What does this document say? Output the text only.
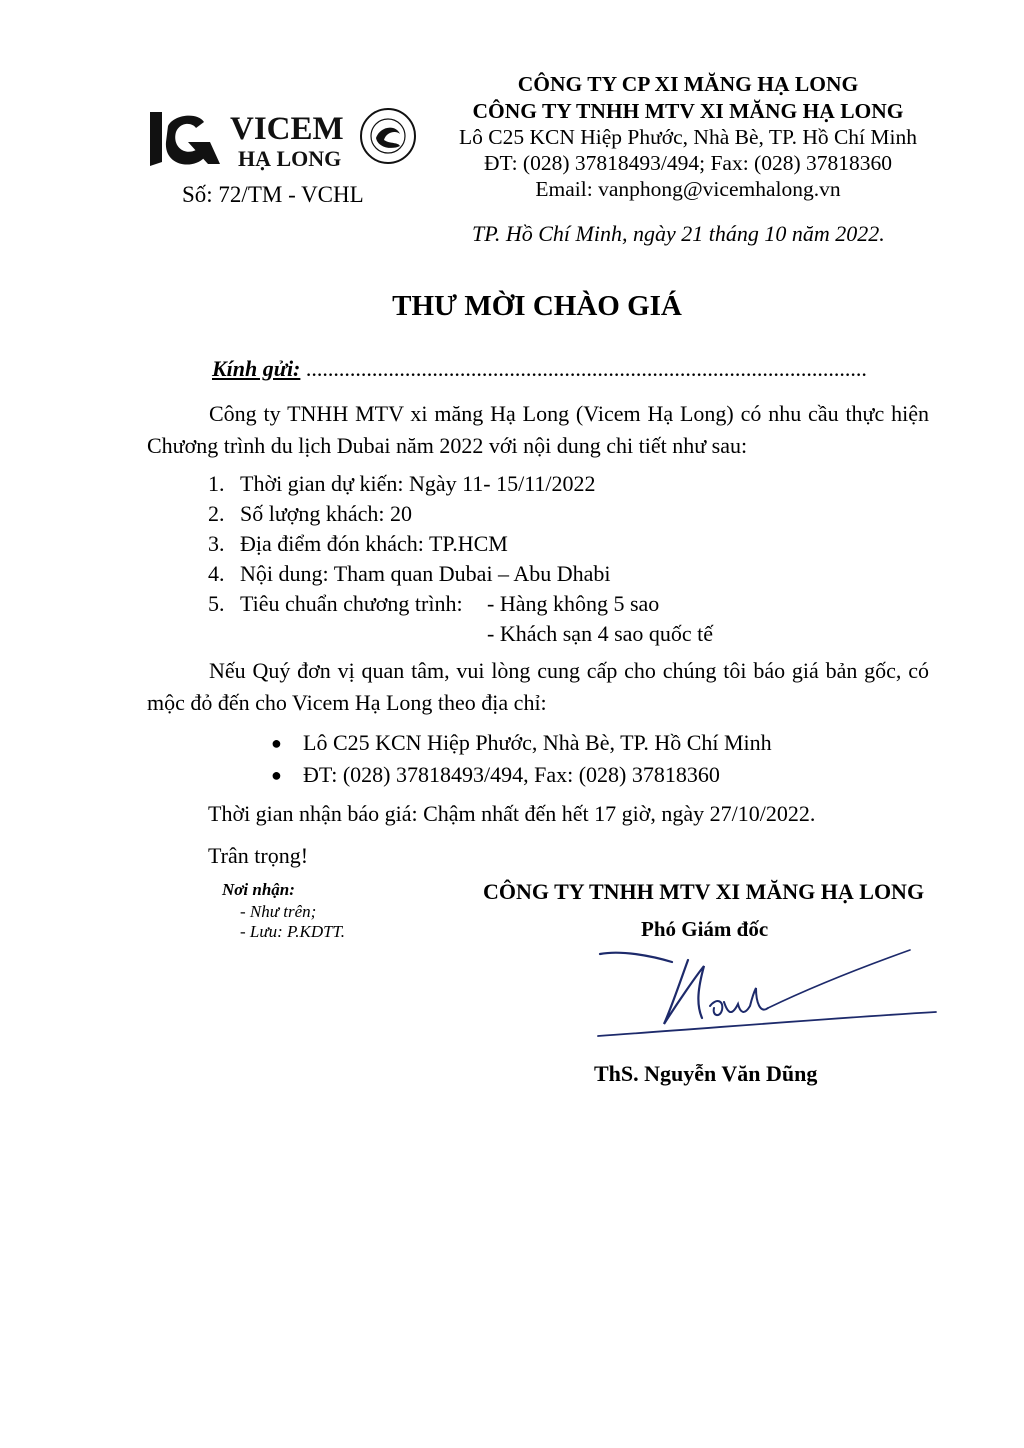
VICEM
HẠ LONG
Số: 72/TM - VCHL
CÔNG TY CP XI MĂNG HẠ LONG
CÔNG TY TNHH MTV XI MĂNG HẠ LONG
Lô C25 KCN Hiệp Phước, Nhà Bè, TP. Hồ Chí Minh
ĐT: (028) 37818493/494; Fax: (028) 37818360
Email: vanphong@vicemhalong.vn
TP. Hồ Chí Minh, ngày 21 tháng 10 năm 2022.
THƯ MỜI CHÀO GIÁ
Kính gửi: ......................................................................................................
Công ty TNHH MTV xi măng Hạ Long (Vicem Hạ Long) có nhu cầu thực hiện Chương trình du lịch Dubai năm 2022 với nội dung chi tiết như sau:
1. Thời gian dự kiến: Ngày 11- 15/11/2022
2. Số lượng khách: 20
3. Địa điểm đón khách: TP.HCM
4. Nội dung: Tham quan Dubai – Abu Dhabi
5. Tiêu chuẩn chương trình: - Hàng không 5 sao
- Khách sạn 4 sao quốc tế
Nếu Quý đơn vị quan tâm, vui lòng cung cấp cho chúng tôi báo giá bản gốc, có mộc đỏ đến cho Vicem Hạ Long theo địa chỉ:
● Lô C25 KCN Hiệp Phước, Nhà Bè, TP. Hồ Chí Minh
● ĐT: (028) 37818493/494, Fax: (028) 37818360
Thời gian nhận báo giá: Chậm nhất đến hết 17 giờ, ngày 27/10/2022.
Trân trọng!
Nơi nhận:
- Như trên;
- Lưu: P.KDTT.
CÔNG TY TNHH MTV XI MĂNG HẠ LONG
Phó Giám đốc
ThS. Nguyễn Văn Dũng
